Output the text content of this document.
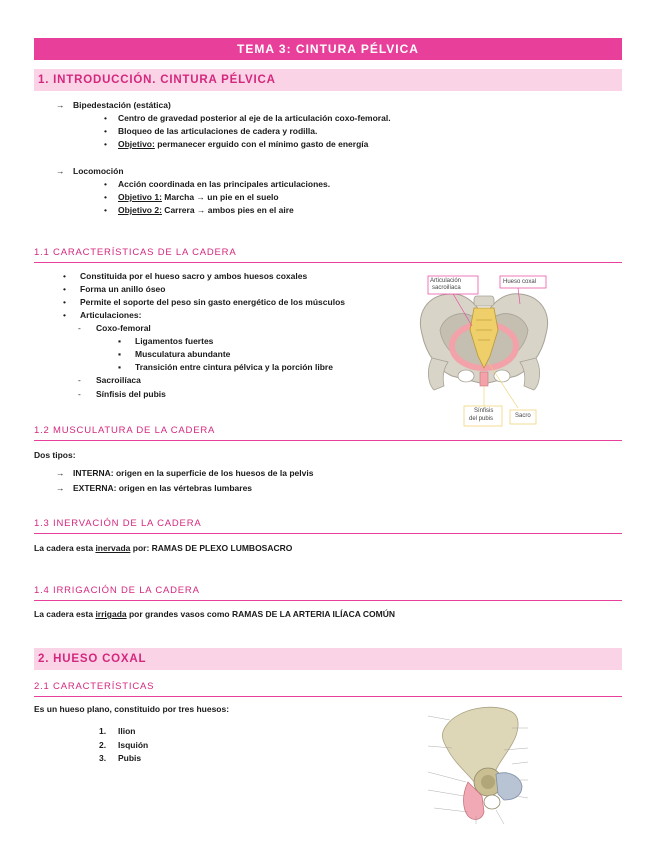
TEMA 3: CINTURA PÉLVICA
1. INTRODUCCIÓN. CINTURA PÉLVICA
→ Bipedestación (estática)
• Centro de gravedad posterior al eje de la articulación coxo-femoral.
• Bloqueo de las articulaciones de cadera y rodilla.
• Objetivo: permanecer erguido con el mínimo gasto de energía
→ Locomoción
• Acción coordinada en las principales articulaciones.
• Objetivo 1: Marcha → un pie en el suelo
• Objetivo 2: Carrera → ambos pies en el aire
1.1 CARACTERÍSTICAS DE LA CADERA
• Constituida por el hueso sacro y ambos huesos coxales
• Forma un anillo óseo
• Permite el soporte del peso sin gasto energético de los músculos
• Articulaciones:
- Coxo-femoral
▪ Ligamentos fuertes
▪ Musculatura abundante
▪ Transición entre cintura pélvica y la porción libre
- Sacroilíaca
- Sínfisis del pubis
Articulación
sacroilíaca
Hueso coxal
Sínfisis
del pubis	Sacro
1.2 MUSCULATURA DE LA CADERA
Dos tipos:
→ INTERNA: origen en la superficie de los huesos de la pelvis
→ EXTERNA: origen en las vértebras lumbares
1.3 INERVACIÓN DE LA CADERA
La cadera esta inervada por: RAMAS DE PLEXO LUMBOSACRO
1.4 IRRIGACIÓN DE LA CADERA
La cadera esta irrigada por grandes vasos como RAMAS DE LA ARTERIA ILÍACA COMÚN
2. HUESO COXAL
2.1 CARACTERÍSTICAS
Es un hueso plano, constituido por tres huesos:
1. Ilion
2. Isquión
3. Pubis
